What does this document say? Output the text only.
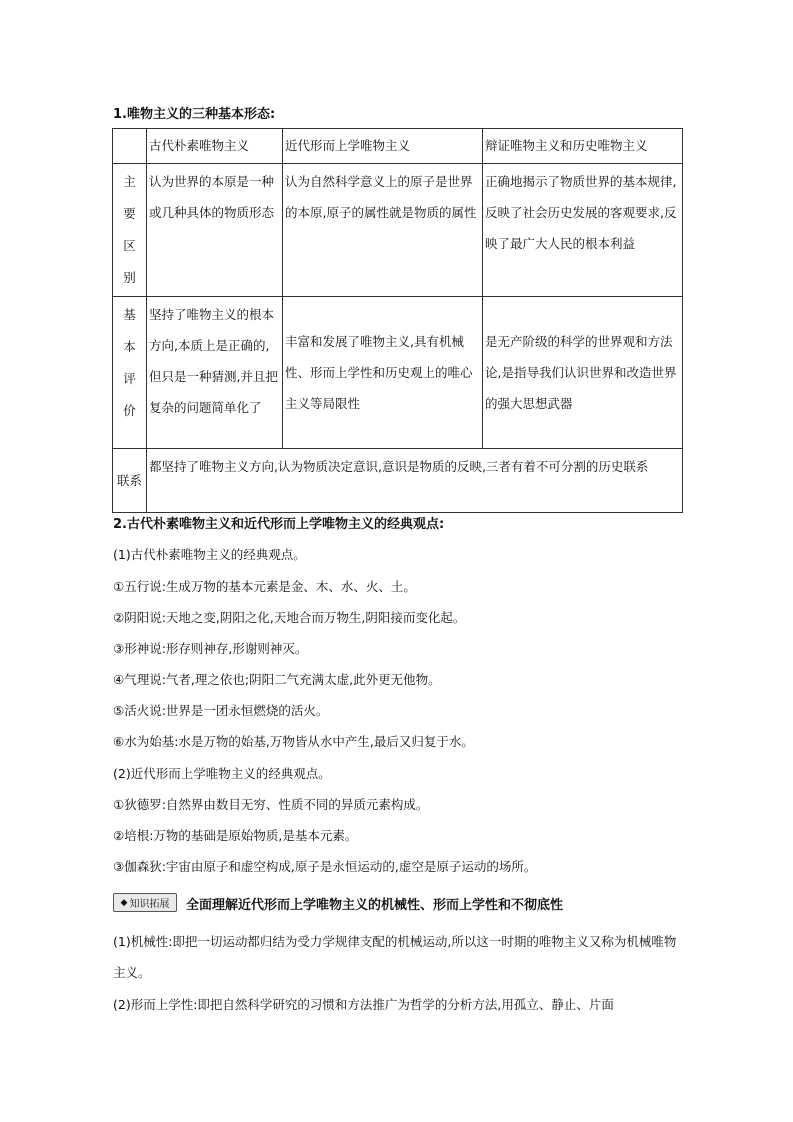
1.唯物主义的三种基本形态:
	古代朴素唯物主义	近代形而上学唯物主义	辩证唯物主义和历史唯物主义

主要区别	认为世界的本原是一种或几种具体的物质形态	认为自然科学意义上的原子是世界的本原,原子的属性就是物质的属性	正确地揭示了物质世界的基本规律,反映了社会历史发展的客观要求,反映了最广大人民的根本利益

基本评价	坚持了唯物主义的根本方向,本质上是正确的,但只是一种猜测,并且把复杂的问题简单化了	丰富和发展了唯物主义,具有机械性、形而上学性和历史观上的唯心主义等局限性	是无产阶级的科学的世界观和方法论,是指导我们认识世界和改造世界的强大思想武器
联系	都坚持了唯物主义方向,认为物质决定意识,意识是物质的反映,三者有着不可分割的历史联系		
2.古代朴素唯物主义和近代形而上学唯物主义的经典观点:
(1)古代朴素唯物主义的经典观点。
①五行说:生成万物的基本元素是金、木、水、火、土。
②阴阳说:天地之变,阴阳之化,天地合而万物生,阴阳接而变化起。
③形神说:形存则神存,形谢则神灭。
④气理说:气者,理之依也;阴阳二气充满太虚,此外更无他物。
⑤活火说:世界是一团永恒燃烧的活火。
⑥水为始基:水是万物的始基,万物皆从水中产生,最后又归复于水。
(2)近代形而上学唯物主义的经典观点。
①狄德罗:自然界由数目无穷、性质不同的异质元素构成。
②培根:万物的基础是原始物质,是基本元素。
③伽森狄:宇宙由原子和虚空构成,原子是永恒运动的,虚空是原子运动的场所。
◆ 知识拓展 全面理解近代形而上学唯物主义的机械性、形而上学性和不彻底性
(1)机械性:即把一切运动都归结为受力学规律支配的机械运动,所以这一时期的唯物主义又称为机械唯物主义。
(2)形而上学性:即把自然科学研究的习惯和方法推广为哲学的分析方法,用孤立、静止、片面
